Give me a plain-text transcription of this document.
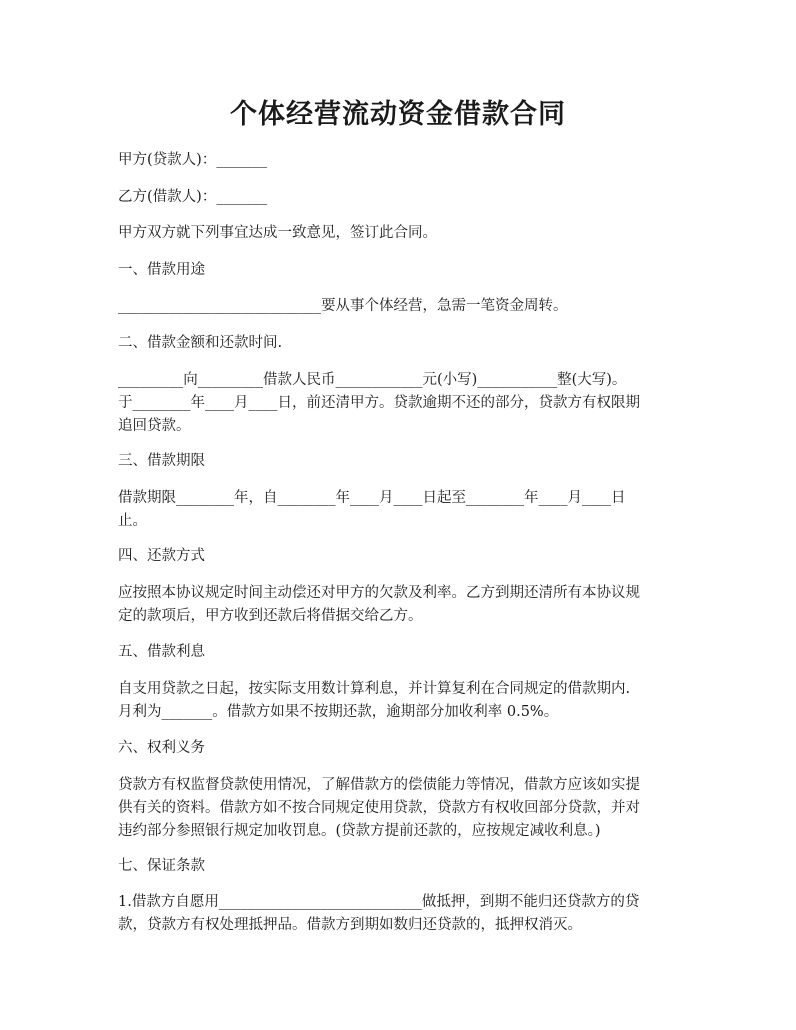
个体经营流动资金借款合同

甲方(贷款人)：_______

乙方(借款人)：_______

甲方双方就下列事宜达成一致意见，签订此合同。

一、借款用途

____________________________要从事个体经营，急需一笔资金周转。

二、借款金额和还款时间.

_________向_________借款人民币____________元(小写)___________整(大写)。
于________年____月____日，前还清甲方。贷款逾期不还的部分，贷款方有权限期
追回贷款。

三、借款期限

借款期限________年，自________年____月____日起至________年____月____日
止。

四、还款方式

应按照本协议规定时间主动偿还对甲方的欠款及利率。乙方到期还清所有本协议规
定的款项后，甲方收到还款后将借据交给乙方。

五、借款利息

自支用贷款之日起，按实际支用数计算利息，并计算复利在合同规定的借款期内.
月利为_______。借款方如果不按期还款，逾期部分加收利率 0.5%。

六、权利义务

贷款方有权监督贷款使用情况，了解借款方的偿债能力等情况，借款方应该如实提
供有关的资料。借款方如不按合同规定使用贷款，贷款方有权收回部分贷款，并对
违约部分参照银行规定加收罚息。(贷款方提前还款的，应按规定减收利息。)

七、保证条款

1.借款方自愿用____________________________做抵押，到期不能归还贷款方的贷
款，贷款方有权处理抵押品。借款方到期如数归还贷款的，抵押权消灭。
